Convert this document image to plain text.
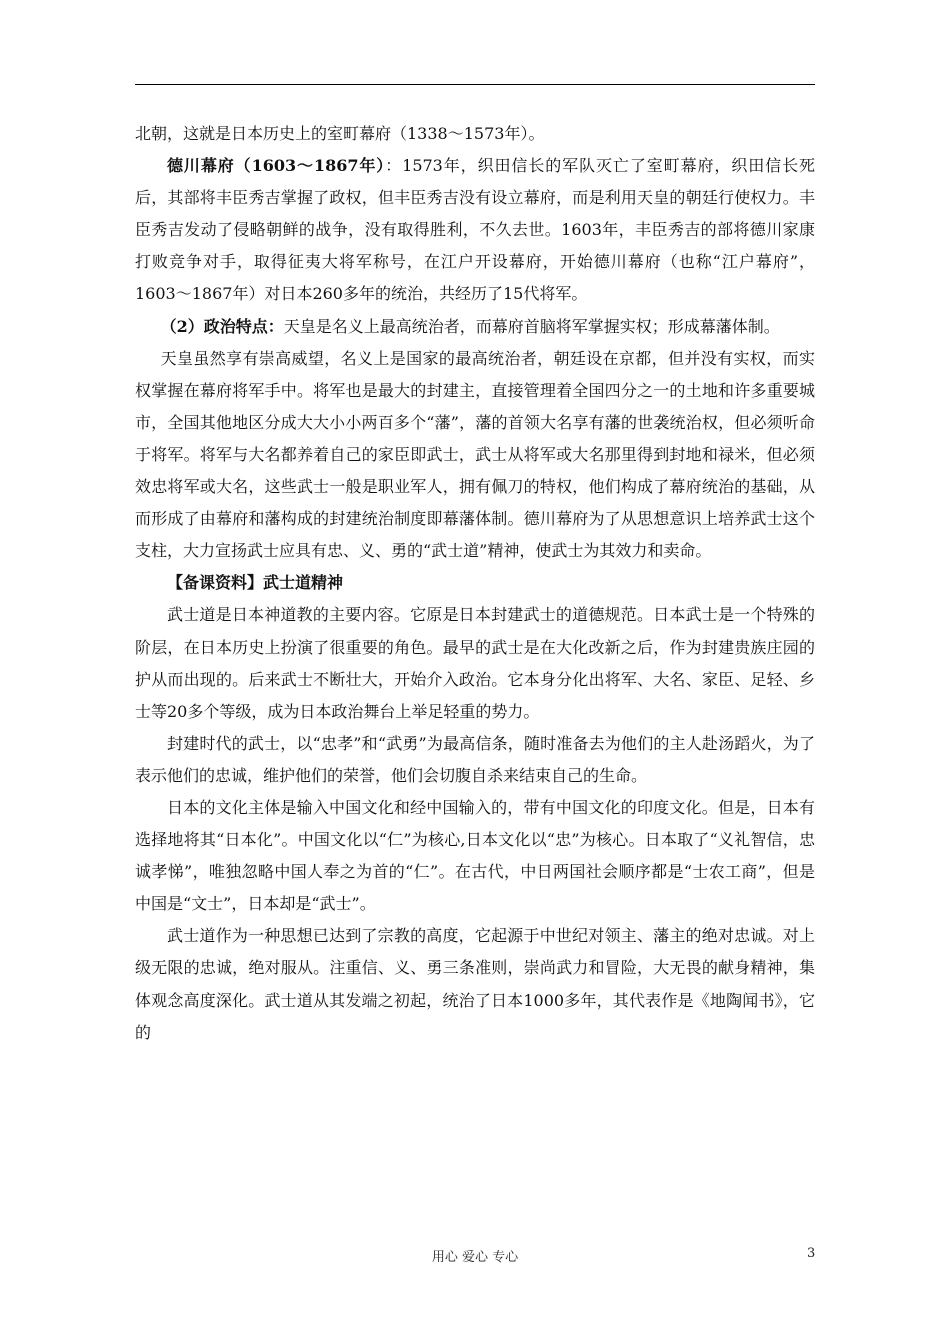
北朝，这就是日本历史上的室町幕府（1338～1573年）。

德川幕府（1603～1867年）：1573年，织田信长的军队灭亡了室町幕府，织田信长死后，其部将丰臣秀吉掌握了政权，但丰臣秀吉没有设立幕府，而是利用天皇的朝廷行使权力。丰臣秀吉发动了侵略朝鲜的战争，没有取得胜利，不久去世。1603年，丰臣秀吉的部将德川家康打败竞争对手，取得征夷大将军称号，在江户开设幕府，开始德川幕府（也称“江户幕府”，1603～1867年）对日本260多年的统治，共经历了15代将军。

（2）政治特点：天皇是名义上最高统治者，而幕府首脑将军掌握实权；形成幕藩体制。

天皇虽然享有崇高威望，名义上是国家的最高统治者，朝廷设在京都，但并没有实权，而实权掌握在幕府将军手中。将军也是最大的封建主，直接管理着全国四分之一的土地和许多重要城市，全国其他地区分成大大小小两百多个“藩”，藩的首领大名享有藩的世袭统治权，但必须听命于将军。将军与大名都养着自己的家臣即武士，武士从将军或大名那里得到封地和禄米，但必须效忠将军或大名，这些武士一般是职业军人，拥有佩刀的特权，他们构成了幕府统治的基础，从而形成了由幕府和藩构成的封建统治制度即幕藩体制。德川幕府为了从思想意识上培养武士这个支柱，大力宣扬武士应具有忠、义、勇的“武士道”精神，使武士为其效力和卖命。

【备课资料】武士道精神

武士道是日本神道教的主要内容。它原是日本封建武士的道德规范。日本武士是一个特殊的阶层，在日本历史上扮演了很重要的角色。最早的武士是在大化改新之后，作为封建贵族庄园的护从而出现的。后来武士不断壮大，开始介入政治。它本身分化出将军、大名、家臣、足轻、乡士等20多个等级，成为日本政治舞台上举足轻重的势力。

封建时代的武士，以“忠孝”和“武勇”为最高信条，随时准备去为他们的主人赴汤蹈火，为了表示他们的忠诚，维护他们的荣誉，他们会切腹自杀来结束自己的生命。

日本的文化主体是输入中国文化和经中国输入的，带有中国文化的印度文化。但是，日本有选择地将其“日本化”。中国文化以“仁”为核心,日本文化以“忠”为核心。日本取了“义礼智信，忠诚孝悌”，唯独忽略中国人奉之为首的“仁”。在古代，中日两国社会顺序都是“士农工商”，但是中国是“文士”，日本却是“武士”。

武士道作为一种思想已达到了宗教的高度，它起源于中世纪对领主、藩主的绝对忠诚。对上级无限的忠诚，绝对服从。注重信、义、勇三条准则，崇尚武力和冒险，大无畏的献身精神，集体观念高度深化。武士道从其发端之初起，统治了日本1000多年，其代表作是《地陶闻书》，它的

用心 爱心 专心	3
